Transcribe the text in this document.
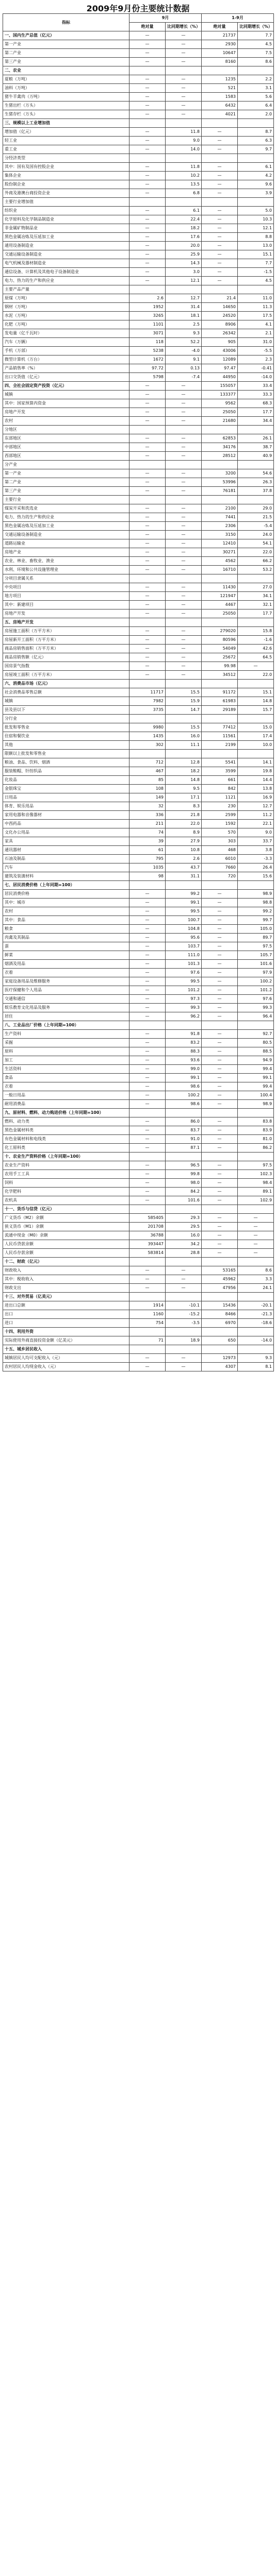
2009年9月份主要统计数据
指标	9月		1-9月	
	绝对量	比同期增长（%）	绝对量	比同期增长（%）
一、国内生产总值（亿元）	—	—	21737	7.7
第一产业	—	—	2930	4.5
第二产业	—	—	10647	7.5
第三产业	—	—	8160	8.6
二、农业				
夏粮（万吨）	—	—	1235	2.2
油料（万吨）	—	—	521	3.1
猪牛羊禽肉（万吨）	—	—	1583	5.6
生猪出栏（万头）	—	—	6432	6.4
生猪存栏（万头）	—	—	4021	2.0
三、规模以上工业增加值				
增加值（亿元）	—	11.8	—	8.7
轻工业	—	9.0	—	6.3
重工业	—	14.0	—	9.7
分经济类型				
其中：国有及国有控股企业	—	11.8	—	6.1
集体企业	—	10.2	—	4.2
股份制企业	—	13.5	—	9.6
外商及港澳台商投资企业	—	6.8	—	3.9
主要行业增加值				
纺织业	—	6.1	—	5.0
化学原料及化学制品制造业	—	22.4	—	10.3
非金属矿物制品业	—	18.2	—	12.1
黑色金属冶炼及压延加工业	—	17.6	—	8.8
通用设备制造业	—	20.0	—	13.0
交通运输设备制造业	—	25.9	—	15.1
电气机械及器材制造业	—	14.3	—	7.7
通信设备、计算机及其他电子设备制造业	—	3.0	—	-1.5
电力、热力的生产和供应业	—	12.1	—	4.5
主要产品产量				
原煤（万吨）	2.6	12.7	21.4	11.0
钢材（万吨）	1952	31.4	14650	11.3
水泥（万吨）	3265	18.1	24520	17.5
化肥（万吨）	1101	2.5	8906	4.1
发电量（亿千瓦时）	3071	9.3	26342	2.1
汽车（万辆）	118	52.2	905	31.0
手机（万部）	5238	-4.0	43006	-5.5
微型计算机（万台）	1672	9.1	12089	2.3
产品销售率（%）	97.72	0.13	97.47	-0.41
出口交货值（亿元）	5798	-7.4	44950	-14.0
四、全社会固定资产投资（亿元）	—	—	155057	33.4
城镇	—	—	133377	33.3
其中：国家预算内资金	—	—	9562	68.3
房地产开发	—	—	25050	17.7
农村	—	—	21680	34.4
分地区				
东部地区	—	—	62853	26.1
中部地区	—	—	34176	38.7
西部地区	—	—	28512	40.9
分产业				
第一产业	—	—	3200	54.6
第二产业	—	—	53996	26.3
第三产业	—	—	76181	37.8
主要行业				
煤炭开采和洗选业	—	—	2100	29.0
电力、热力的生产和供应业	—	—	7441	21.5
黑色金属冶炼及压延加工业	—	—	2306	-5.4
交通运输设备制造业	—	—	3150	24.0
道路运输业	—	—	12410	54.1
房地产业	—	—	30271	22.0
农业、林业、畜牧业、渔业	—	—	4562	66.2
水利、环境和公共设施管理业	—	—	16710	53.2
分项目隶属关系				
中央项目	—	—	11430	27.0
地方项目	—	—	121947	34.1
其中：新建项目	—	—	4467	32.1
房地产开发	—	—	25050	17.7
五、房地产开发				
房屋施工面积（万平方米）	—	—	279020	15.8
房屋新开工面积（万平方米）	—	—	80596	-1.6
商品房销售面积（万平方米）	—	—	54049	42.6
商品房销售额（亿元）	—	—	25672	64.5
国房景气指数	—	—	99.98	—
房屋竣工面积（万平方米）	—	—	34512	22.0
六、消费品市场（亿元）				
社会消费品零售总额	11717	15.5	91172	15.1
城镇	7982	15.9	61983	14.8
县及县以下	3735	14.7	29189	15.7
分行业				
批发和零售业	9980	15.5	77412	15.0
住宿和餐饮业	1435	16.0	11561	17.4
其他	302	11.1	2199	10.0
限额以上批发和零售业				
粮油、食品、饮料、烟酒	712	12.8	5541	14.1
服装鞋帽、针纺织品	467	18.2	3599	19.8
化妆品	85	14.8	661	14.4
金银珠宝	108	9.5	842	13.8
日用品	149	17.1	1121	16.9
体育、娱乐用品	32	8.3	230	12.7
家用电器和音像器材	336	21.8	2599	11.2
中西药品	211	22.0	1592	22.1
文化办公用品	74	8.9	570	9.0
家具	39	27.9	303	33.7
通讯器材	61	10.8	468	3.8
石油及制品	795	2.6	6010	-3.3
汽车	1035	43.7	7660	26.4
建筑及装潢材料	98	31.1	720	15.6
七、居民消费价格（上年同期=100）				
居民消费价格	—	99.2	—	98.9
其中：城市	—	99.1	—	98.8
农村	—	99.5	—	99.2
其中：食品	—	100.7	—	99.7
粮食	—	104.8	—	105.0
肉禽及其制品	—	95.6	—	89.7
蛋	—	103.7	—	97.5
鲜菜	—	111.0	—	105.7
烟酒及用品	—	101.3	—	101.6
衣着	—	97.6	—	97.9
家庭设备用品及维修服务	—	99.5	—	100.2
医疗保健和个人用品	—	101.2	—	101.2
交通和通信	—	97.3	—	97.6
娱乐教育文化用品及服务	—	99.3	—	99.3
居住	—	96.2	—	96.4
八、工业品出厂价格（上年同期=100）				
生产资料	—	91.8	—	92.7
采掘	—	83.2	—	80.5
原料	—	88.3	—	88.5
加工	—	93.6	—	94.9
生活资料	—	99.0	—	99.4
食品	—	99.1	—	99.1
衣着	—	98.6	—	99.4
一般日用品	—	100.2	—	100.4
耐用消费品	—	98.6	—	98.9
九、原材料、燃料、动力购进价格（上年同期=100）				
燃料、动力类	—	86.0	—	83.8
黑色金属材料类	—	83.7	—	83.9
有色金属材料和电线类	—	91.0	—	81.0
化工原料类	—	87.1	—	86.2
十、农业生产资料价格（上年同期=100）				
农业生产资料	—	96.5	—	97.5
农用手工工具	—	99.8	—	102.3
饲料	—	98.0	—	98.4
化学肥料	—	84.2	—	89.1
农机具	—	101.6	—	102.9
十一、货币与信贷（亿元）				
广义货币（M2）余额	585405	29.3	—	—
狭义货币（M1）余额	201708	29.5	—	—
流通中现金（M0）余额	36788	16.0	—	—
人民币贷款余额	393447	34.2	—	—
人民币存款余额	583814	28.8	—	—
十二、财政（亿元）				
财政收入	—	—	53165	8.6
其中：税收收入	—	—	45962	3.3
财政支出	—	—	47956	24.1
十三、对外贸易（亿美元）				
进出口总额	1914	-10.1	15436	-20.1
出口	1160	-15.2	8466	-21.3
进口	754	-3.5	6970	-18.6
十四、利用外资				
实际使用外商直接投资金额（亿美元）	71	18.9	650	-14.0
十五、城乡居民收入				
城镇居民人均可支配收入（元）	—	—	12973	9.3
农村居民人均现金收入（元）	—	—	4307	8.1
